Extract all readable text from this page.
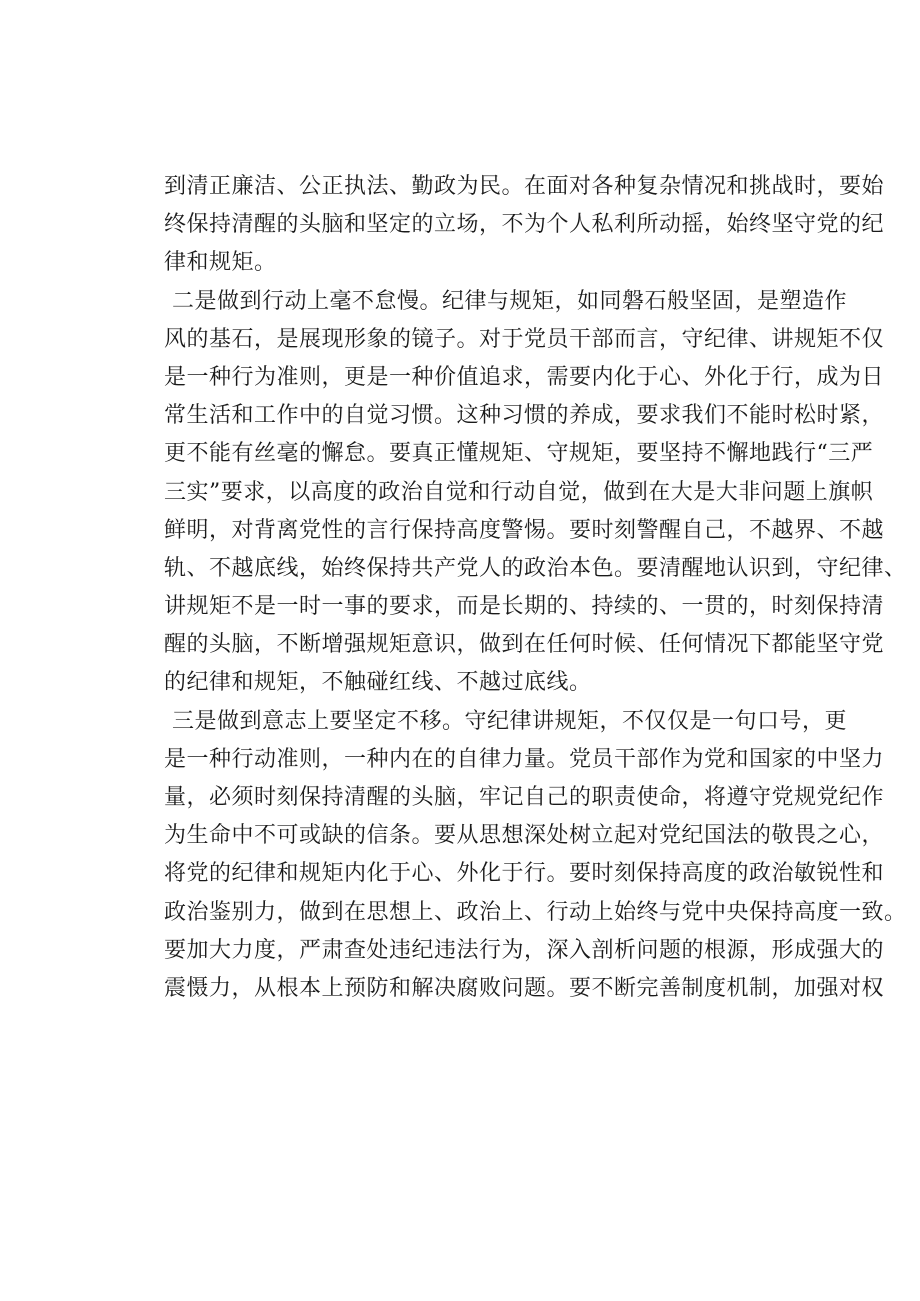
到清正廉洁、公正执法、勤政为民。在面对各种复杂情况和挑战时，要始
终保持清醒的头脑和坚定的立场，不为个人私利所动摇，始终坚守党的纪
律和规矩。
二是做到行动上毫不怠慢。纪律与规矩，如同磐石般坚固，是塑造作
风的基石，是展现形象的镜子。对于党员干部而言，守纪律、讲规矩不仅
是一种行为准则，更是一种价值追求，需要内化于心、外化于行，成为日
常生活和工作中的自觉习惯。这种习惯的养成，要求我们不能时松时紧，
更不能有丝毫的懈怠。要真正懂规矩、守规矩，要坚持不懈地践行“三严
三实”要求，以高度的政治自觉和行动自觉，做到在大是大非问题上旗帜
鲜明，对背离党性的言行保持高度警惕。要时刻警醒自己，不越界、不越
轨、不越底线，始终保持共产党人的政治本色。要清醒地认识到，守纪律、
讲规矩不是一时一事的要求，而是长期的、持续的、一贯的，时刻保持清
醒的头脑，不断增强规矩意识，做到在任何时候、任何情况下都能坚守党
的纪律和规矩，不触碰红线、不越过底线。
三是做到意志上要坚定不移。守纪律讲规矩，不仅仅是一句口号，更
是一种行动准则，一种内在的自律力量。党员干部作为党和国家的中坚力
量，必须时刻保持清醒的头脑，牢记自己的职责使命，将遵守党规党纪作
为生命中不可或缺的信条。要从思想深处树立起对党纪国法的敬畏之心，
将党的纪律和规矩内化于心、外化于行。要时刻保持高度的政治敏锐性和
政治鉴别力，做到在思想上、政治上、行动上始终与党中央保持高度一致。
要加大力度，严肃查处违纪违法行为，深入剖析问题的根源，形成强大的
震慑力，从根本上预防和解决腐败问题。要不断完善制度机制，加强对权
